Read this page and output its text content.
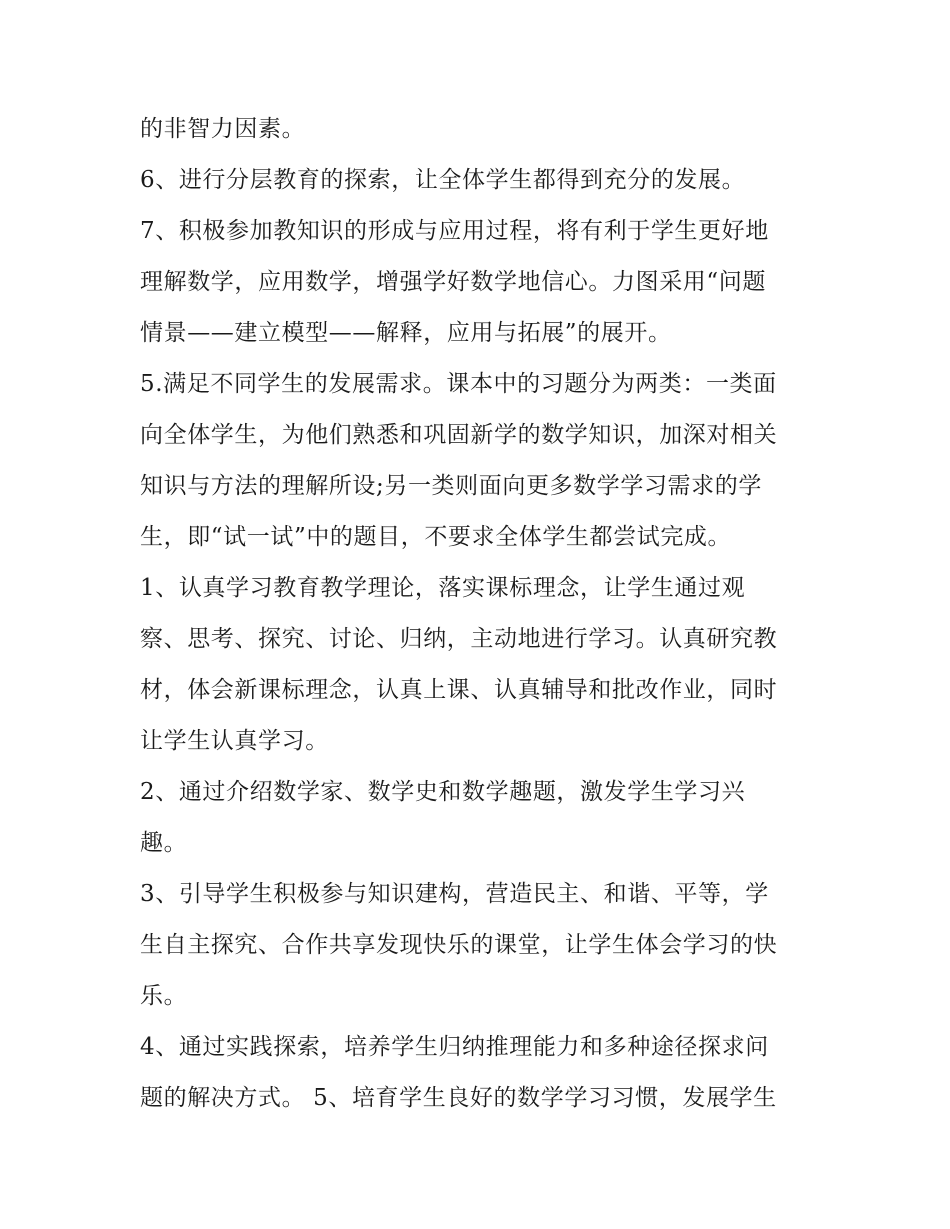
的非智力因素。
6、进行分层教育的探索，让全体学生都得到充分的发展。
7、积极参加教知识的形成与应用过程，将有利于学生更好地
理解数学，应用数学，增强学好数学地信心。力图采用“问题
情景——建立模型——解释，应用与拓展”的展开。
5.满足不同学生的发展需求。课本中的习题分为两类：一类面
向全体学生，为他们熟悉和巩固新学的数学知识，加深对相关
知识与方法的理解所设;另一类则面向更多数学学习需求的学
生，即“试一试”中的题目，不要求全体学生都尝试完成。
1、认真学习教育教学理论，落实课标理念，让学生通过观
察、思考、探究、讨论、归纳，主动地进行学习。认真研究教
材，体会新课标理念，认真上课、认真辅导和批改作业，同时
让学生认真学习。
2、通过介绍数学家、数学史和数学趣题，激发学生学习兴
趣。
3、引导学生积极参与知识建构，营造民主、和谐、平等，学
生自主探究、合作共享发现快乐的课堂，让学生体会学习的快
乐。
4、通过实践探索，培养学生归纳推理能力和多种途径探求问
题的解决方式。 5、培育学生良好的数学学习习惯，发展学生
